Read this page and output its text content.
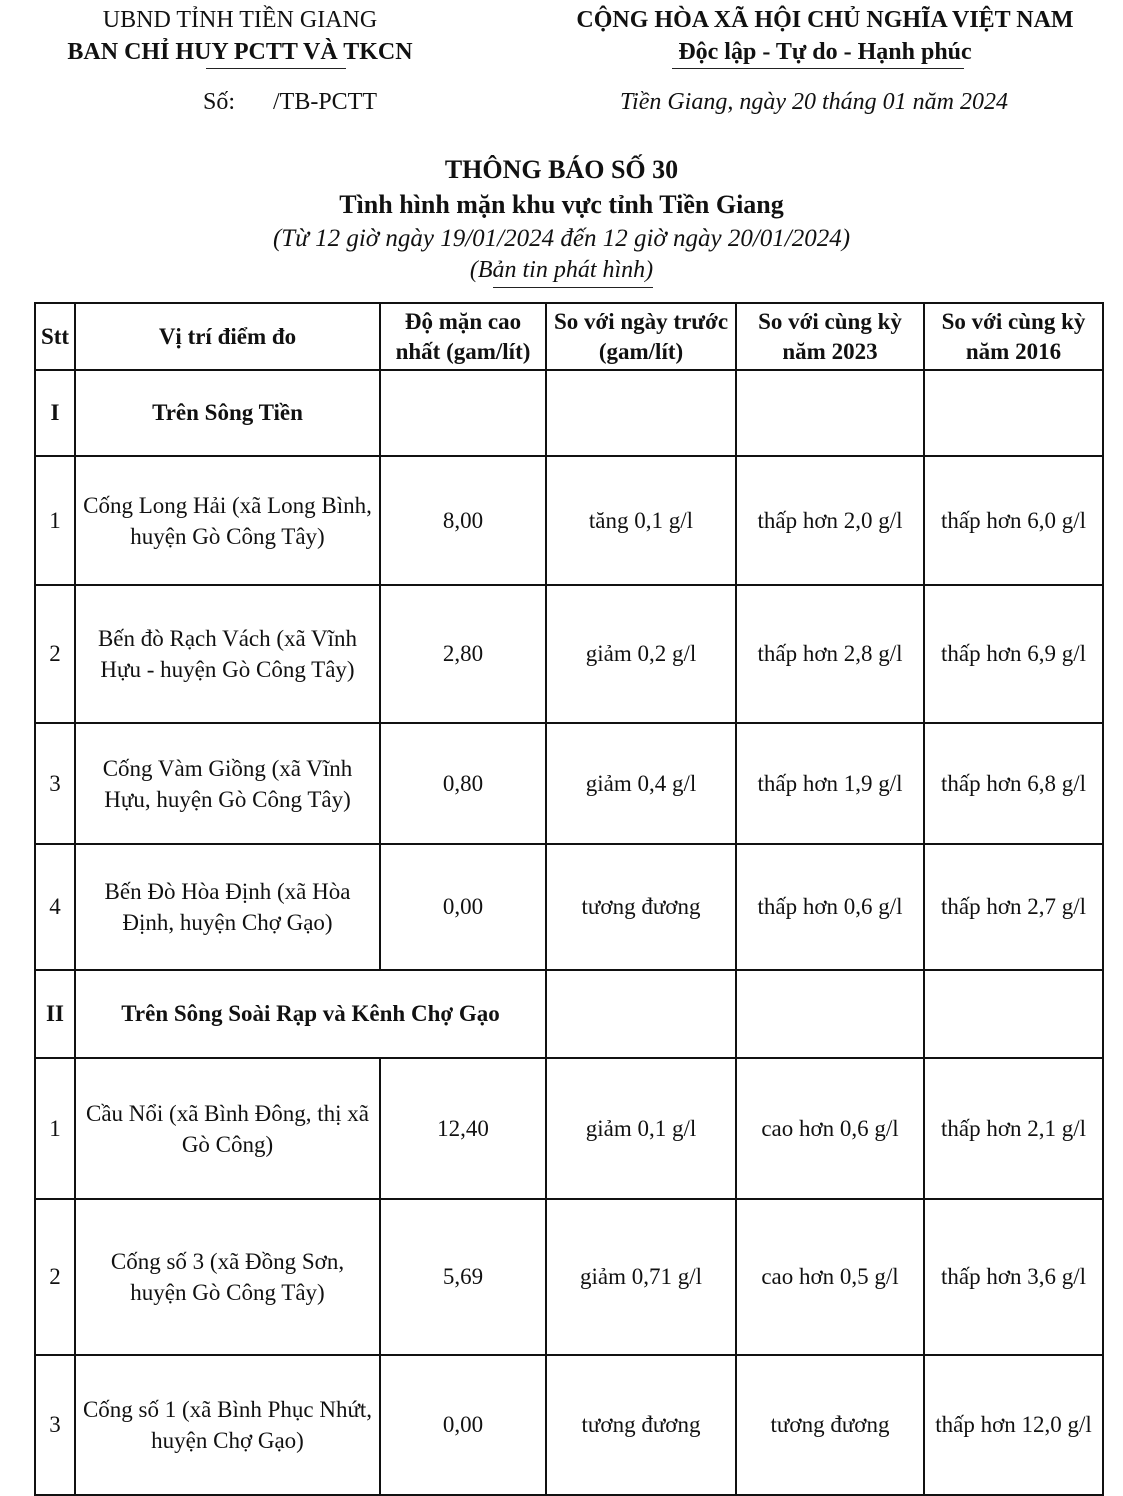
UBND TỈNH TIỀN GIANG
BAN CHỈ HUY PCTT VÀ TKCN
CỘNG HÒA XÃ HỘI CHỦ NGHĨA VIỆT NAM
Độc lập - Tự do - Hạnh phúc
Số: /TB-PCTT	Tiền Giang, ngày 20 tháng 01 năm 2024
THÔNG BÁO SỐ 30
Tình hình mặn khu vực tỉnh Tiền Giang
(Từ 12 giờ ngày 19/01/2024 đến 12 giờ ngày 20/01/2024)
(Bản tin phát hình)
Stt	Vị trí điểm đo	Độ mặn cao nhất (gam/lít)	So với ngày trước (gam/lít)	So với cùng kỳ năm 2023	So với cùng kỳ năm 2016
I	Trên Sông Tiền				
1	Cống Long Hải (xã Long Bình, huyện Gò Công Tây)	8,00	tăng 0,1 g/l	thấp hơn 2,0 g/l	thấp hơn 6,0 g/l
2	Bến đò Rạch Vách (xã Vĩnh Hựu - huyện Gò Công Tây)	2,80	giảm 0,2 g/l	thấp hơn 2,8 g/l	thấp hơn 6,9 g/l
3	Cống Vàm Giồng (xã Vĩnh Hựu, huyện Gò Công Tây)	0,80	giảm 0,4 g/l	thấp hơn 1,9 g/l	thấp hơn 6,8 g/l
4	Bến Đò Hòa Định (xã Hòa Định, huyện Chợ Gạo)	0,00	tương đương	thấp hơn 0,6 g/l	thấp hơn 2,7 g/l
II	Trên Sông Soài Rạp và Kênh Chợ Gạo				
1	Cầu Nổi (xã Bình Đông, thị xã Gò Công)	12,40	giảm 0,1 g/l	cao hơn 0,6 g/l	thấp hơn 2,1 g/l
2	Cống số 3 (xã Đồng Sơn, huyện Gò Công Tây)	5,69	giảm 0,71 g/l	cao hơn 0,5 g/l	thấp hơn 3,6 g/l
3	Cống số 1 (xã Bình Phục Nhứt, huyện Chợ Gạo)	0,00	tương đương	tương đương	thấp hơn 12,0 g/l
